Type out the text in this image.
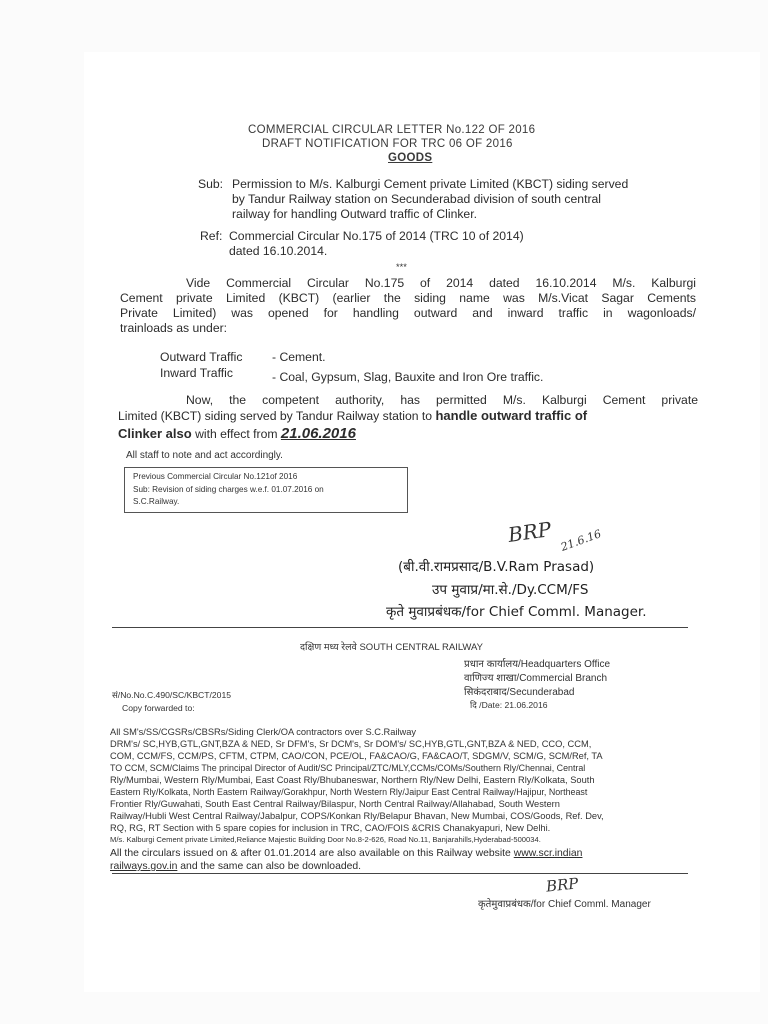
COMMERCIAL CIRCULAR LETTER No.122 OF 2016
DRAFT NOTIFICATION FOR TRC 06 OF 2016
GOODS
Sub: Permission to M/s. Kalburgi Cement private Limited (KBCT) siding served
by Tandur Railway station on Secunderabad division of south central
railway for handling Outward traffic of Clinker.
Ref: Commercial Circular No.175 of 2014 (TRC 10 of 2014)
dated 16.10.2014.
***
Vide Commercial Circular No.175 of 2014 dated 16.10.2014 M/s. Kalburgi
Cement private Limited (KBCT) (earlier the siding name was M/s.Vicat Sagar Cements
Private Limited) was opened for handling outward and inward traffic in wagonloads/
trainloads as under:
Outward Traffic - Cement.
Inward Traffic	- Coal, Gypsum, Slag, Bauxite and Iron Ore traffic.
Now, the competent authority, has permitted M/s. Kalburgi Cement private
Limited (KBCT) siding served by Tandur Railway station to handle outward traffic of
Clinker also with effect from 21.06.2016
All staff to note and act accordingly.
Previous Commercial Circular No.121of 2016
Sub: Revision of siding charges w.e.f. 01.07.2016 on
S.C.Railway.
BRP 21.6.16
(बी.वी.रामप्रसाद/B.V.Ram Prasad)
उप मुवाप्र/मा.से./Dy.CCM/FS
कृते मुवाप्रबंधक/for Chief Comml. Manager.
दक्षिण मध्य रेलवे SOUTH CENTRAL RAILWAY
प्रधान कार्यालय/Headquarters Office
वाणिज्य शाखा/Commercial Branch
सिकंदराबाद/Secunderabad
दि /Date: 21.06.2016
सं/No.No.C.490/SC/KBCT/2015
Copy forwarded to:
All SM's/SS/CGSRs/CBSRs/Siding Clerk/OA contractors over S.C.Railway
DRM's/ SC,HYB,GTL,GNT,BZA & NED, Sr DFM's, Sr DCM's, Sr DOM's/ SC,HYB,GTL,GNT,BZA & NED, CCO, CCM,
COM, CCM/FS, CCM/PS, CFTM, CTPM, CAO/CON, PCE/OL, FA&CAO/G, FA&CAO/T, SDGM/V, SCM/G, SCM/Ref, TA
TO CCM, SCM/Claims The principal Director of Audit/SC Principal/ZTC/MLY,CCMs/COMs/Southern Rly/Chennai, Central
Rly/Mumbai, Western Rly/Mumbai, East Coast Rly/Bhubaneswar, Northern Rly/New Delhi, Eastern Rly/Kolkata, South
Eastern Rly/Kolkata, North Eastern Railway/Gorakhpur, North Western Rly/Jaipur East Central Railway/Hajipur, Northeast
Frontier Rly/Guwahati, South East Central Railway/Bilaspur, North Central Railway/Allahabad, South Western
Railway/Hubli West Central Railway/Jabalpur, COPS/Konkan Rly/Belapur Bhavan, New Mumbai, COS/Goods, Ref. Dev,
RQ, RG, RT Section with 5 spare copies for inclusion in TRC, CAO/FOIS &CRIS Chanakyapuri, New Delhi.
M/s. Kalburgi Cement private Limited,Reliance Majestic Building Door No.8-2-626, Road No.11, Banjarahills,Hyderabad-500034.
All the circulars issued on & after 01.01.2014 are also available on this Railway website www.scr.indian
railways.gov.in and the same can also be downloaded.
BRP
कृतेमुवाप्रबंधक/for Chief Comml. Manager
